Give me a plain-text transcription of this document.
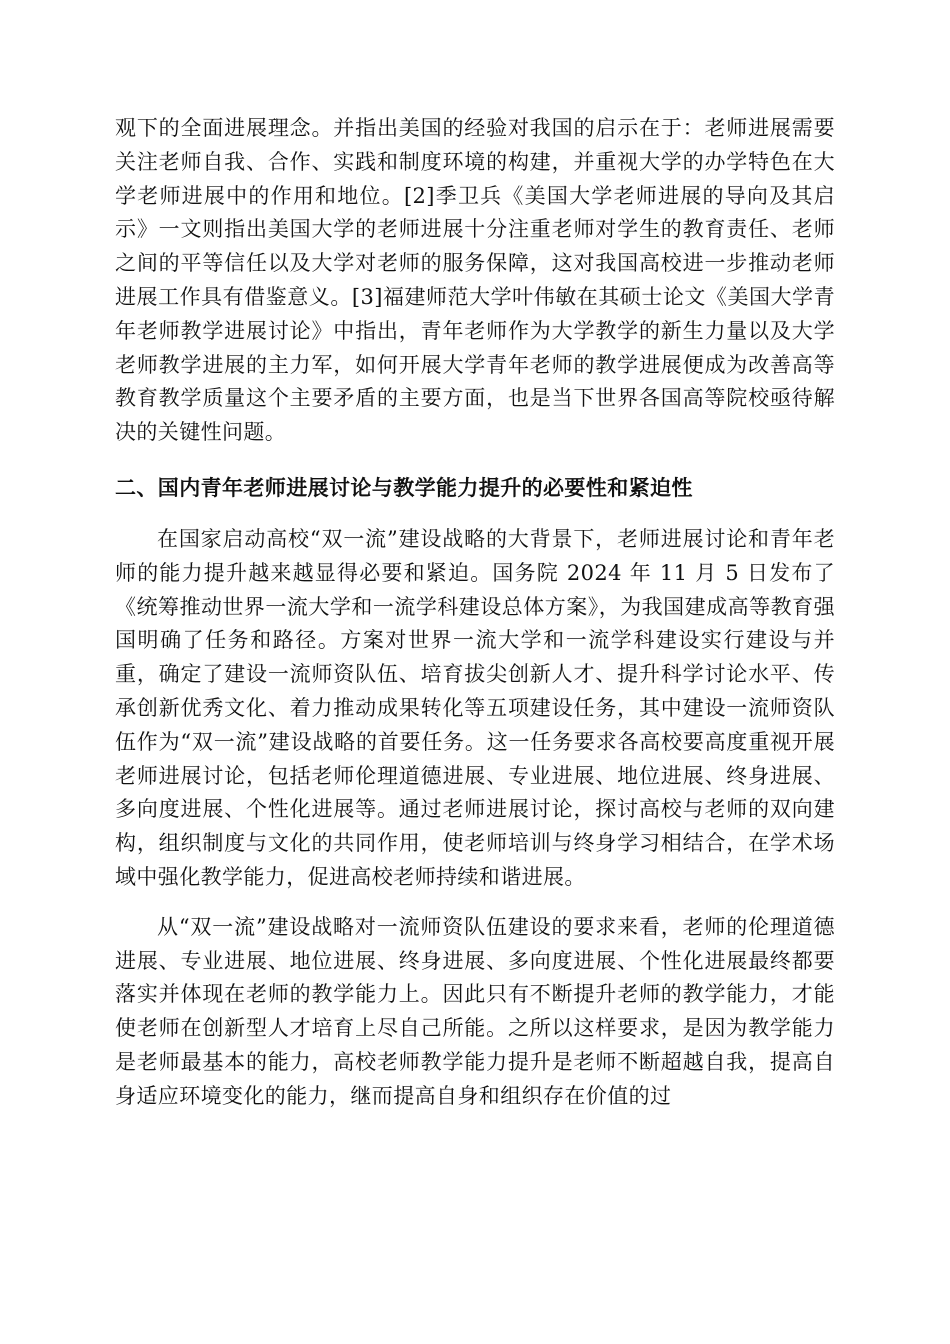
观下的全面进展理念。并指出美国的经验对我国的启示在于：老师进展需要关注老师自我、合作、实践和制度环境的构建，并重视大学的办学特色在大学老师进展中的作用和地位。[2]季卫兵《美国大学老师进展的导向及其启示》一文则指出美国大学的老师进展十分注重老师对学生的教育责任、老师之间的平等信任以及大学对老师的服务保障，这对我国高校进一步推动老师进展工作具有借鉴意义。[3]福建师范大学叶伟敏在其硕士论文《美国大学青年老师教学进展讨论》中指出，青年老师作为大学教学的新生力量以及大学老师教学进展的主力军，如何开展大学青年老师的教学进展便成为改善高等教育教学质量这个主要矛盾的主要方面，也是当下世界各国高等院校亟待解决的关键性问题。

二、国内青年老师进展讨论与教学能力提升的必要性和紧迫性

在国家启动高校“双一流”建设战略的大背景下，老师进展讨论和青年老师的能力提升越来越显得必要和紧迫。国务院 2024 年 11 月 5 日发布了《统筹推动世界一流大学和一流学科建设总体方案》，为我国建成高等教育强国明确了任务和路径。方案对世界一流大学和一流学科建设实行建设与并重，确定了建设一流师资队伍、培育拔尖创新人才、提升科学讨论水平、传承创新优秀文化、着力推动成果转化等五项建设任务，其中建设一流师资队伍作为“双一流”建设战略的首要任务。这一任务要求各高校要高度重视开展老师进展讨论，包括老师伦理道德进展、专业进展、地位进展、终身进展、多向度进展、个性化进展等。通过老师进展讨论，探讨高校与老师的双向建构，组织制度与文化的共同作用，使老师培训与终身学习相结合，在学术场域中强化教学能力，促进高校老师持续和谐进展。

从“双一流”建设战略对一流师资队伍建设的要求来看，老师的伦理道德进展、专业进展、地位进展、终身进展、多向度进展、个性化进展最终都要落实并体现在老师的教学能力上。因此只有不断提升老师的教学能力，才能使老师在创新型人才培育上尽自己所能。之所以这样要求，是因为教学能力是老师最基本的能力，高校老师教学能力提升是老师不断超越自我，提高自身适应环境变化的能力，继而提高自身和组织存在价值的过
